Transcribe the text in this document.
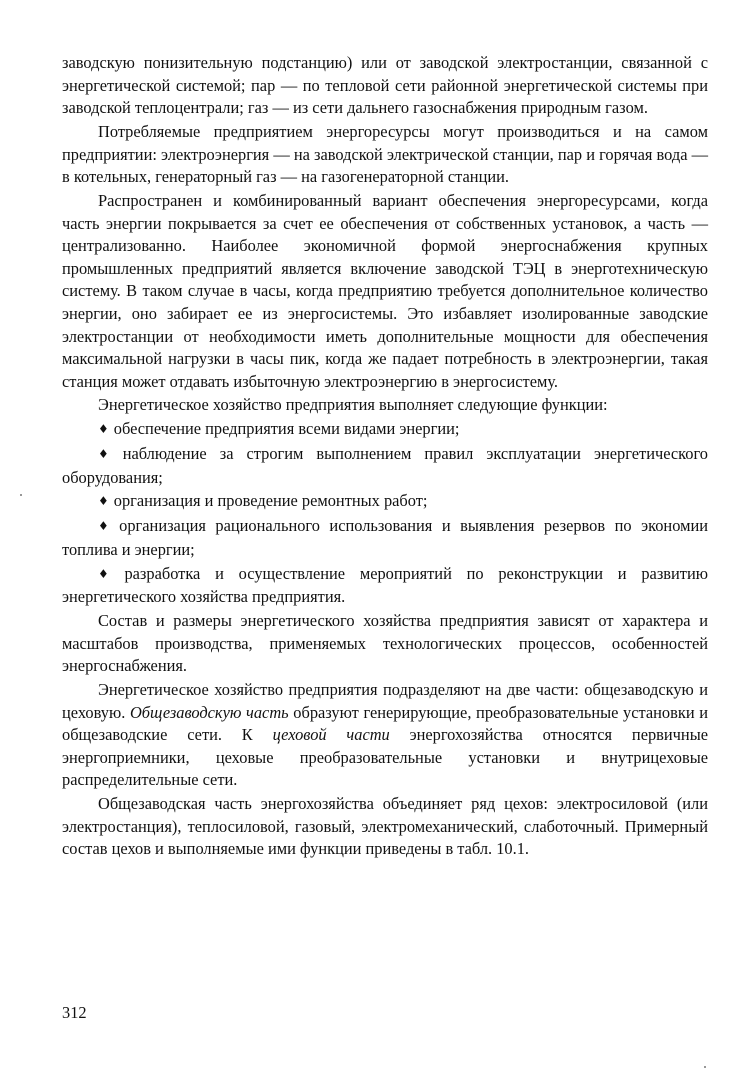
заводскую понизительную подстанцию) или от заводской электростанции, связанной с энергетической системой; пар — по тепловой сети районной энергетической системы при заводской теплоцентрали; газ — из сети дальнего газоснабжения природным газом.

Потребляемые предприятием энергоресурсы могут производиться и на самом предприятии: электроэнергия — на заводской электрической станции, пар и горячая вода — в котельных, генераторный газ — на газогенераторной станции.

Распространен и комбинированный вариант обеспечения энергоресурсами, когда часть энергии покрывается за счет ее обеспечения от собственных установок, а часть — централизованно. Наиболее экономичной формой энергоснабжения крупных промышленных предприятий является включение заводской ТЭЦ в энерготехническую систему. В таком случае в часы, когда предприятию требуется дополнительное количество энергии, оно забирает ее из энергосистемы. Это избавляет изолированные заводские электростанции от необходимости иметь дополнительные мощности для обеспечения максимальной нагрузки в часы пик, когда же падает потребность в электроэнергии, такая станция может отдавать избыточную электроэнергию в энергосистему.

Энергетическое хозяйство предприятия выполняет следующие функции:

♦ обеспечение предприятия всеми видами энергии;

♦ наблюдение за строгим выполнением правил эксплуатации энергетического оборудования;

♦ организация и проведение ремонтных работ;

♦ организация рационального использования и выявления резервов по экономии топлива и энергии;

♦ разработка и осуществление мероприятий по реконструкции и развитию энергетического хозяйства предприятия.

Состав и размеры энергетического хозяйства предприятия зависят от характера и масштабов производства, применяемых технологических процессов, особенностей энергоснабжения.

Энергетическое хозяйство предприятия подразделяют на две части: общезаводскую и цеховую. Общезаводскую часть образуют генерирующие, преобразовательные установки и общезаводские сети. К цеховой части энергохозяйства относятся первичные энергоприемники, цеховые преобразовательные установки и внутрицеховые распределительные сети.

Общезаводская часть энергохозяйства объединяет ряд цехов: электросиловой (или электростанция), теплосиловой, газовый, электромеханический, слаботочный. Примерный состав цехов и выполняемые ими функции приведены в табл. 10.1.

312
